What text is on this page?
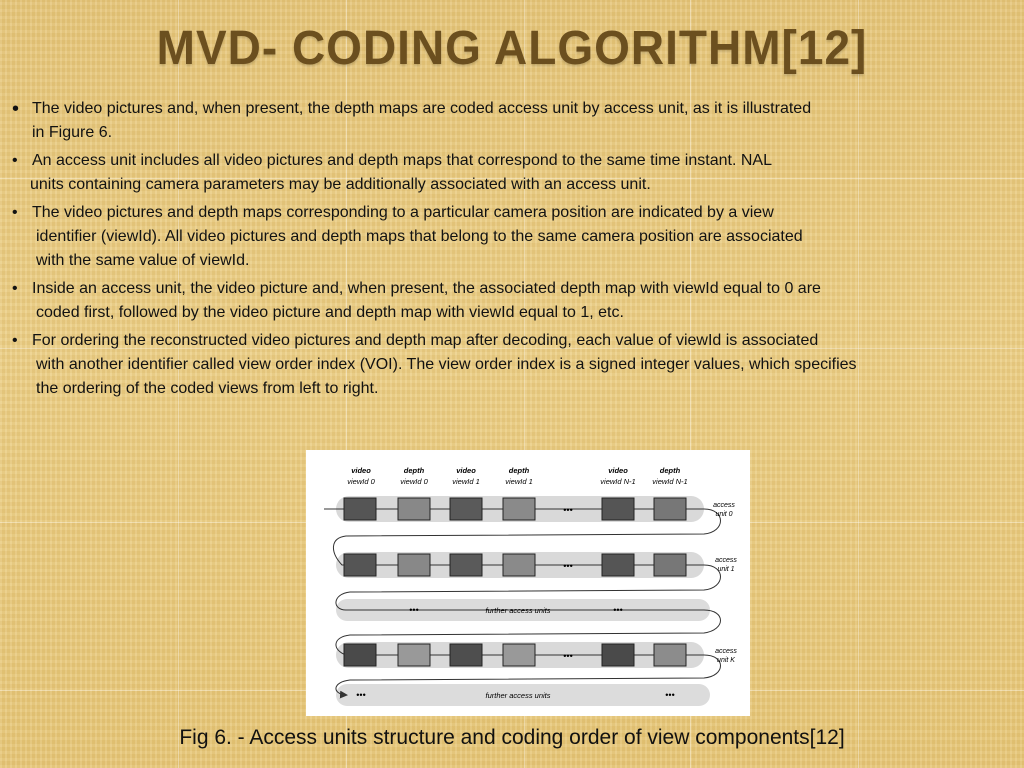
MVD- CODING ALGORITHM[12]
• The video pictures and, when present, the depth maps are coded access unit by access unit, as it is illustrated
in Figure 6.
• An access unit includes all video pictures and depth maps that correspond to the same time instant. NAL
units containing camera parameters may be additionally associated with an access unit.
• The video pictures and depth maps corresponding to a particular camera position are indicated by a view
identifier (viewId). All video pictures and depth maps that belong to the same camera position are associated
with the same value of viewId.
• Inside an access unit, the video picture and, when present, the associated depth map with viewId equal to 0 are
coded first, followed by the video picture and depth map with viewId equal to 1, etc.
• For ordering the reconstructed video pictures and depth map after decoding, each value of viewId is associated
with another identifier called view order index (VOI). The view order index is a signed integer values, which specifies
the ordering of the coded views from left to right.
video
viewId 0
depth
viewId 0
video
viewId 1
depth
viewId 1
video
viewId N-1
depth
viewId N-1
•••
•••
•••	further access units	•••
•••
•••	further access units	•••
access
unit 0
access
unit 1
access
unit K
Fig 6. - Access units structure and coding order of view components[12]
